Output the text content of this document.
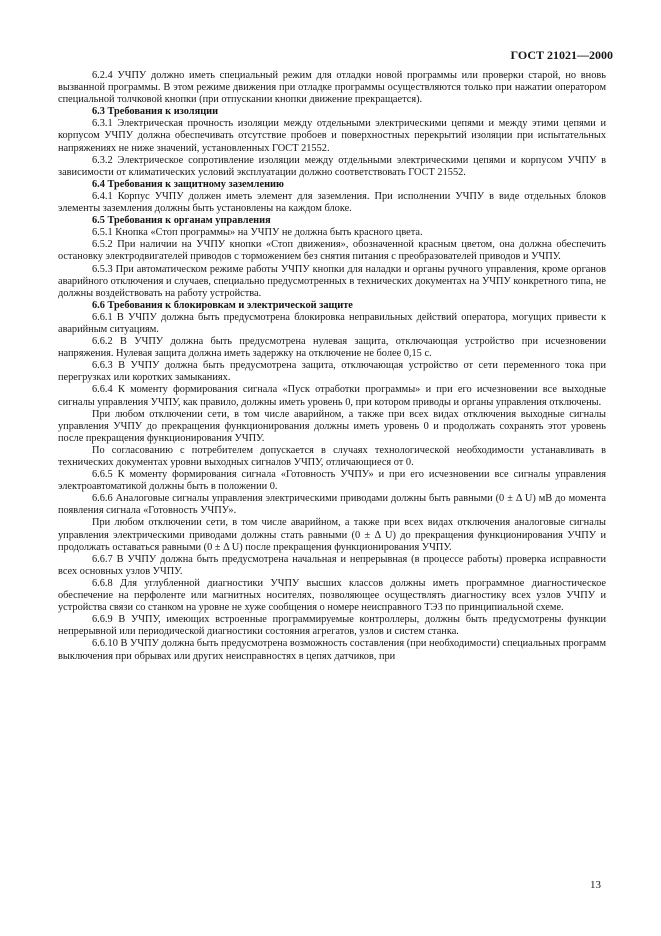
ГОСТ 21021—2000

6.2.4 УЧПУ должно иметь специальный режим для отладки новой программы или проверки старой, но вновь вызванной программы. В этом режиме движения при отладке программы осуществляются только при нажатии оператором специальной толчковой кнопки (при отпускании кнопки движение прекращается).

6.3 Требования к изоляции

6.3.1 Электрическая прочность изоляции между отдельными электрическими цепями и между этими цепями и корпусом УЧПУ должна обеспечивать отсутствие пробоев и поверхностных перекрытий изоляции при испытательных напряжениях не ниже значений, установленных ГОСТ 21552.

6.3.2 Электрическое сопротивление изоляции между отдельными электрическими цепями и корпусом УЧПУ в зависимости от климатических условий эксплуатации должно соответствовать ГОСТ 21552.

6.4 Требования к защитному заземлению

6.4.1 Корпус УЧПУ должен иметь элемент для заземления. При исполнении УЧПУ в виде отдельных блоков элементы заземления должны быть установлены на каждом блоке.

6.5 Требования к органам управления

6.5.1 Кнопка «Стоп программы» на УЧПУ не должна быть красного цвета.

6.5.2 При наличии на УЧПУ кнопки «Стоп движения», обозначенной красным цветом, она должна обеспечить остановку электродвигателей приводов с торможением без снятия питания с преобразователей приводов и УЧПУ.

6.5.3 При автоматическом режиме работы УЧПУ кнопки для наладки и органы ручного управления, кроме органов аварийного отключения и случаев, специально предусмотренных в технических документах на УЧПУ конкретного типа, не должны воздействовать на работу устройства.

6.6 Требования к блокировкам и электрической защите

6.6.1 В УЧПУ должна быть предусмотрена блокировка неправильных действий оператора, могущих привести к аварийным ситуациям.

6.6.2 В УЧПУ должна быть предусмотрена нулевая защита, отключающая устройство при исчезновении напряжения. Нулевая защита должна иметь задержку на отключение не более 0,15 с.

6.6.3 В УЧПУ должна быть предусмотрена защита, отключающая устройство от сети переменного тока при перегрузках или коротких замыканиях.

6.6.4 К моменту формирования сигнала «Пуск отработки программы» и при его исчезновении все выходные сигналы управления УЧПУ, как правило, должны иметь уровень 0, при котором приводы и органы управления отключены.

При любом отключении сети, в том числе аварийном, а также при всех видах отключения выходные сигналы управления УЧПУ до прекращения функционирования должны иметь уровень 0 и продолжать сохранять этот уровень после прекращения функционирования УЧПУ.

По согласованию с потребителем допускается в случаях технологической необходимости устанавливать в технических документах уровни выходных сигналов УЧПУ, отличающиеся от 0.

6.6.5 К моменту формирования сигнала «Готовность УЧПУ» и при его исчезновении все сигналы управления электроавтоматикой должны быть в положении 0.

6.6.6 Аналоговые сигналы управления электрическими приводами должны быть равными (0 ± Δ U) мВ до момента появления сигнала «Готовность УЧПУ».

При любом отключении сети, в том числе аварийном, а также при всех видах отключения аналоговые сигналы управления электрическими приводами должны стать равными (0 ± Δ U) до прекращения функционирования УЧПУ и продолжать оставаться равными (0 ± Δ U) после прекращения функционирования УЧПУ.

6.6.7 В УЧПУ должна быть предусмотрена начальная и непрерывная (в процессе работы) проверка исправности всех основных узлов УЧПУ.

6.6.8 Для углубленной диагностики УЧПУ высших классов должны иметь программное диагностическое обеспечение на перфоленте или магнитных носителях, позволяющее осуществлять диагностику всех узлов УЧПУ и устройства связи со станком на уровне не хуже сообщения о номере неисправного ТЭЗ по принципиальной схеме.

6.6.9 В УЧПУ, имеющих встроенные программируемые контроллеры, должны быть предусмотрены функции непрерывной или периодической диагностики состояния агрегатов, узлов и систем станка.

6.6.10 В УЧПУ должна быть предусмотрена возможность составления (при необходимости) специальных программ выключения при обрывах или других неисправностях в цепях датчиков, при

13
